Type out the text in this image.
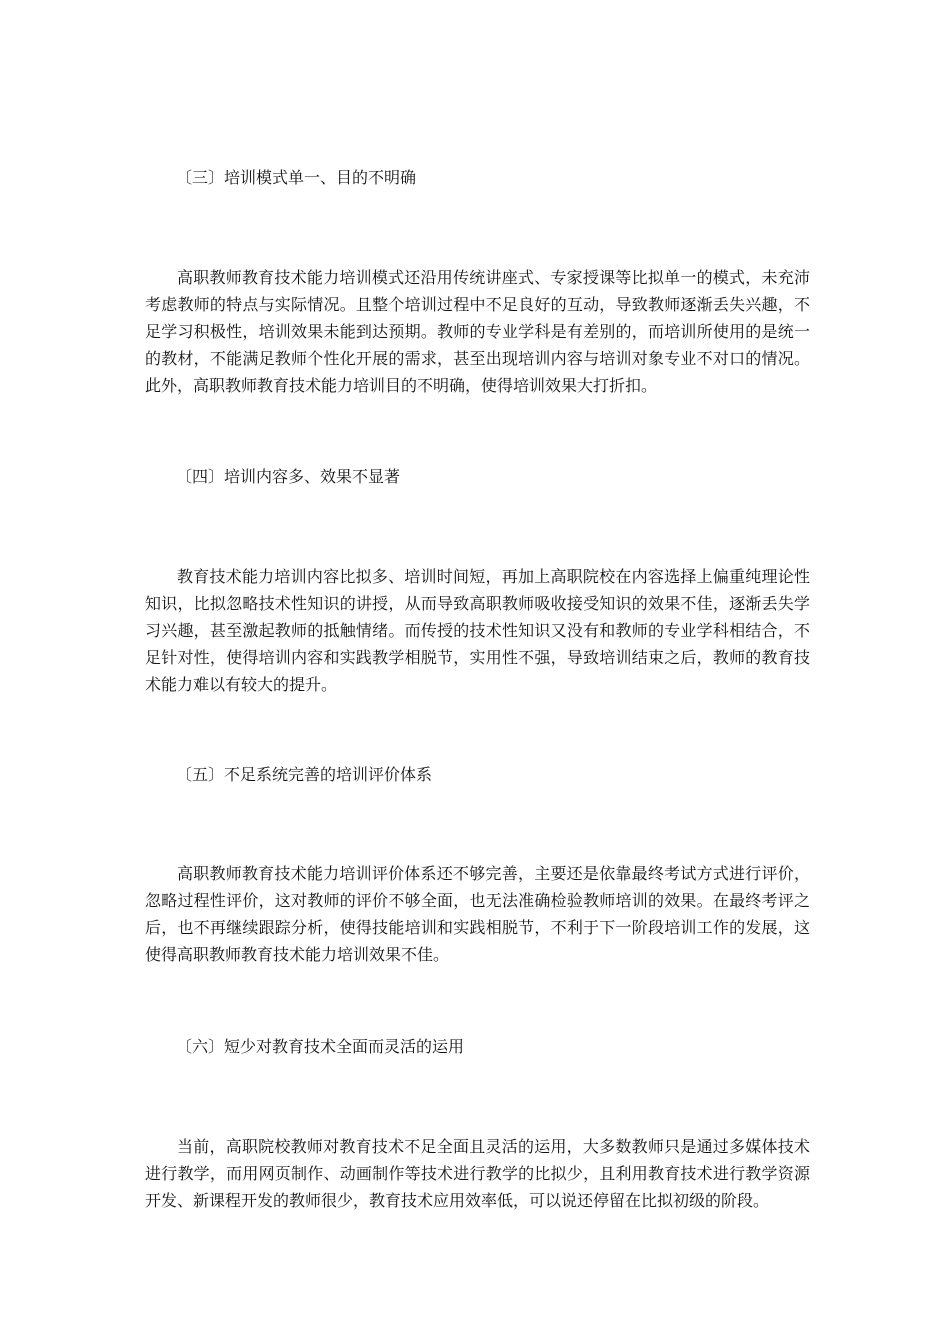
〔三〕培训模式单一、目的不明确

高职教师教育技术能力培训模式还沿用传统讲座式、专家授课等比拟单一的模式，未充沛考虑教师的特点与实际情况。且整个培训过程中不足良好的互动，导致教师逐渐丢失兴趣，不足学习积极性，培训效果未能到达预期。教师的专业学科是有差别的，而培训所使用的是统一的教材，不能满足教师个性化开展的需求，甚至出现培训内容与培训对象专业不对口的情况。此外，高职教师教育技术能力培训目的不明确，使得培训效果大打折扣。

〔四〕培训内容多、效果不显著

教育技术能力培训内容比拟多、培训时间短，再加上高职院校在内容选择上偏重纯理论性知识，比拟忽略技术性知识的讲授，从而导致高职教师吸收接受知识的效果不佳，逐渐丢失学习兴趣，甚至激起教师的抵触情绪。而传授的技术性知识又没有和教师的专业学科相结合，不足针对性，使得培训内容和实践教学相脱节，实用性不强，导致培训结束之后，教师的教育技术能力难以有较大的提升。

〔五〕不足系统完善的培训评价体系

高职教师教育技术能力培训评价体系还不够完善，主要还是依靠最终考试方式进行评价，忽略过程性评价，这对教师的评价不够全面，也无法准确检验教师培训的效果。在最终考评之后，也不再继续跟踪分析，使得技能培训和实践相脱节，不利于下一阶段培训工作的发展，这使得高职教师教育技术能力培训效果不佳。

〔六〕短少对教育技术全面而灵活的运用

当前，高职院校教师对教育技术不足全面且灵活的运用，大多数教师只是通过多媒体技术进行教学，而用网页制作、动画制作等技术进行教学的比拟少，且利用教育技术进行教学资源开发、新课程开发的教师很少，教育技术应用效率低，可以说还停留在比拟初级的阶段。
